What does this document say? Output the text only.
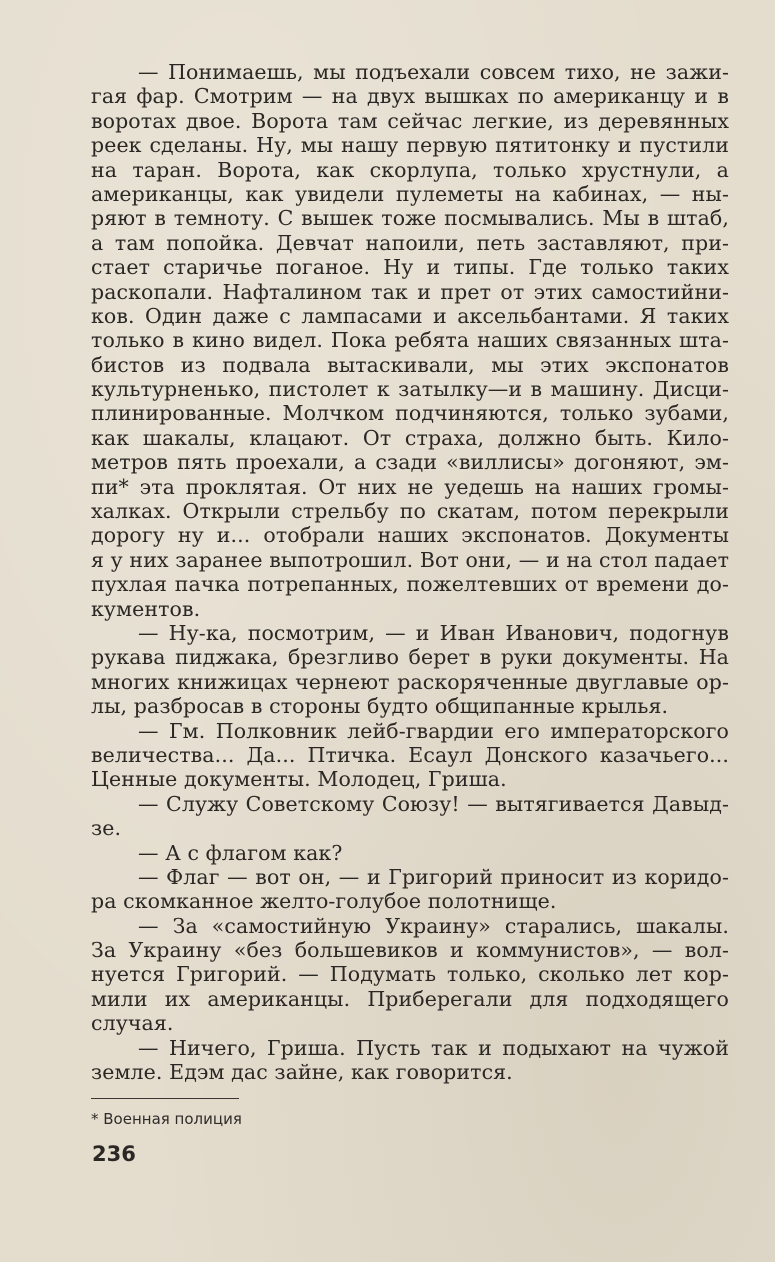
— Понимаешь, мы подъехали совсем тихо, не зажи-
гая фар. Смотрим — на двух вышках по американцу и в
воротах двое. Ворота там сейчас легкие, из деревянных
реек сделаны. Ну, мы нашу первую пятитонку и пустили
на таран. Ворота, как скорлупа, только хрустнули, а
американцы, как увидели пулеметы на кабинах, — ны-
ряют в темноту. С вышек тоже посмывались. Мы в штаб,
а там попойка. Девчат напоили, петь заставляют, при-
стает старичье поганое. Ну и типы. Где только таких
раскопали. Нафталином так и прет от этих самостийни-
ков. Один даже с лампасами и аксельбантами. Я таких
только в кино видел. Пока ребята наших связанных шта-
бистов из подвала вытаскивали, мы этих экспонатов
культурненько, пистолет к затылку—и в машину. Дисци-
плинированные. Молчком подчиняются, только зубами,
как шакалы, клацают. От страха, должно быть. Кило-
метров пять проехали, а сзади «виллисы» догоняют, эм-
пи* эта проклятая. От них не уедешь на наших громы-
халках. Открыли стрельбу по скатам, потом перекрыли
дорогу ну и... отобрали наших экспонатов. Документы
я у них заранее выпотрошил. Вот они, — и на стол падает
пухлая пачка потрепанных, пожелтевших от времени до-
кументов.
— Ну-ка, посмотрим, — и Иван Иванович, подогнув
рукава пиджака, брезгливо берет в руки документы. На
многих книжицах чернеют раскоряченные двуглавые ор-
лы, разбросав в стороны будто общипанные крылья.
— Гм. Полковник лейб-гвардии его императорского
величества... Да... Птичка. Есаул Донского казачьего...
Ценные документы. Молодец, Гриша.
— Служу Советскому Союзу! — вытягивается Давыд-
зе.
— А с флагом как?
— Флаг — вот он, — и Григорий приносит из коридо-
ра скомканное желто-голубое полотнище.
— За «самостийную Украину» старались, шакалы.
За Украину «без большевиков и коммунистов», — вол-
нуется Григорий. — Подумать только, сколько лет кор-
мили их американцы. Приберегали для подходящего
случая.
— Ничего, Гриша. Пусть так и подыхают на чужой
земле. Едэм дас зайне, как говорится.
* Военная полиция
236
